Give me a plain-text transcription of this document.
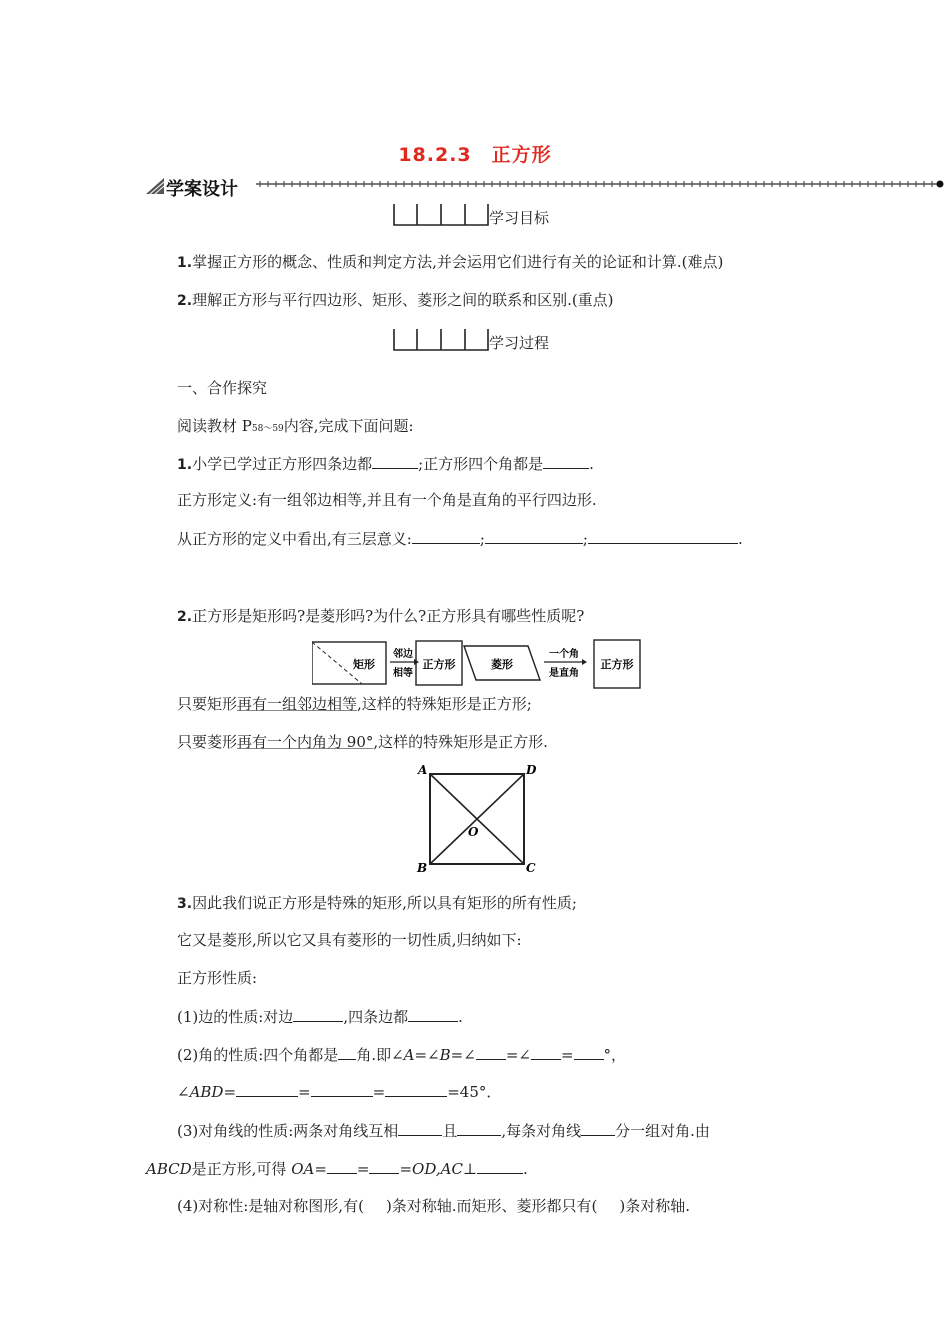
18.2.3　正方形
学案设计
学习目标
1.掌握正方形的概念、性质和判定方法,并会运用它们进行有关的论证和计算.(难点)
2.理解正方形与平行四边形、矩形、菱形之间的联系和区别.(重点)
学习过程
一、合作探究
阅读教材 P58～59内容,完成下面问题:
1.小学已学过正方形四条边都	;正方形四个角都是	.
正方形定义:有一组邻边相等,并且有一个角是直角的平行四边形.
从正方形的定义中看出,有三层意义:	;	;	.
2.正方形是矩形吗?是菱形吗?为什么?正方形具有哪些性质呢?
矩形
邻边
相等
正方形	菱形
一个角
是直角
正方形
只要矩形再有一组邻边相等,这样的特殊矩形是正方形;
只要菱形再有一个内角为 90°,这样的特殊矩形是正方形.
A	D
B	C
O
3.因此我们说正方形是特殊的矩形,所以具有矩形的所有性质;
它又是菱形,所以它又具有菱形的一切性质,归纳如下:
正方形性质:
(1)边的性质:对边	,四条边都	.
(2)角的性质:四个角都是 角.即∠A=∠B=∠ =∠ = °，
∠ABD=	=	=	=45°．
(3)对角线的性质:两条对角线互相	且	,每条对角线 分一组对角.由
ABCD是正方形,可得 OA= = =OD,AC⊥	.
(4)对称性:是轴对称图形,有( )条对称轴.而矩形、菱形都只有( )条对称轴.
